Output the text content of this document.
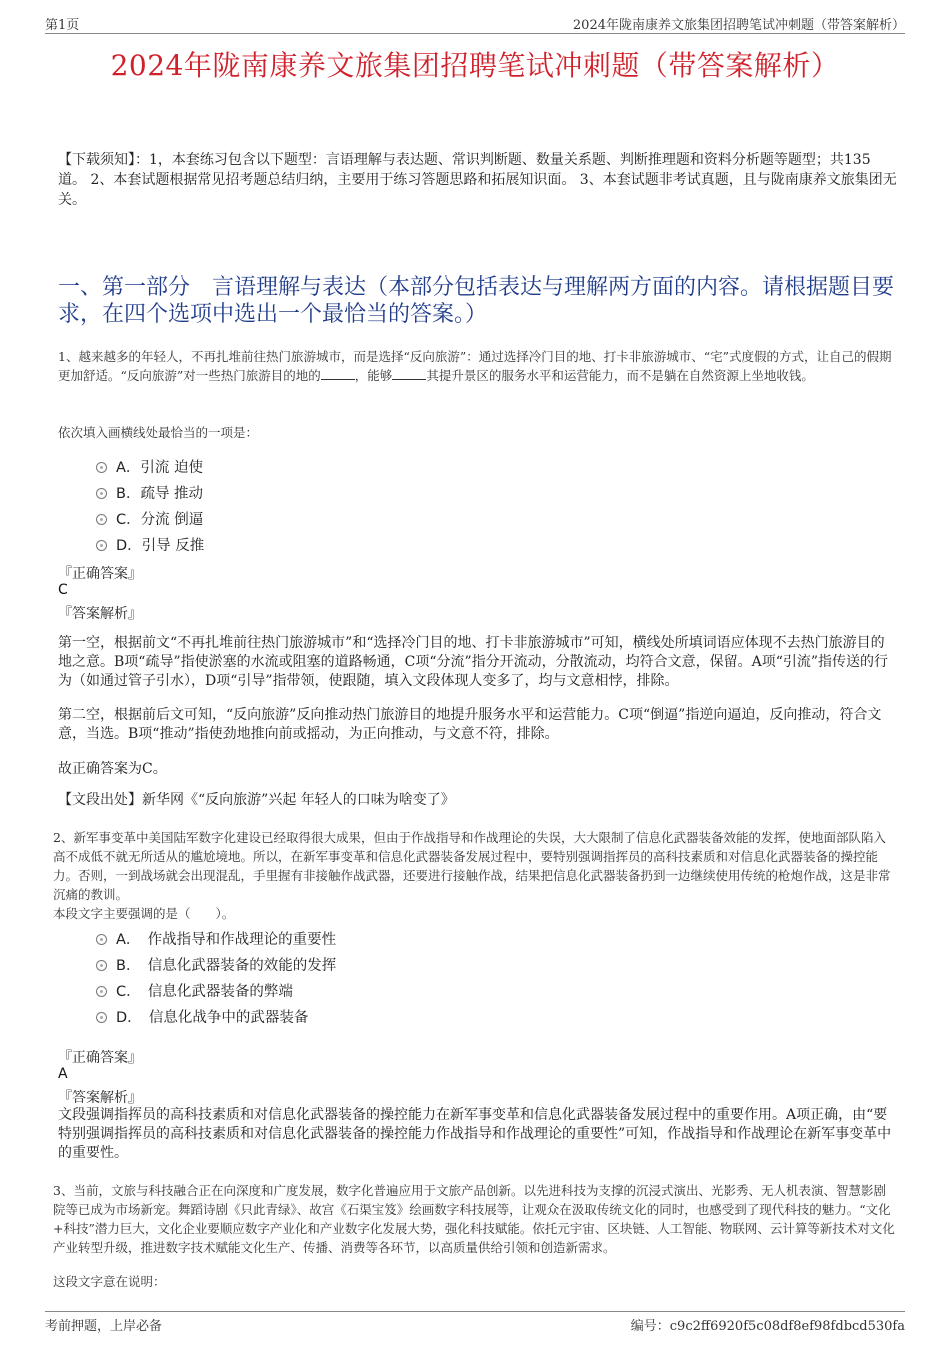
第1页	2024年陇南康养文旅集团招聘笔试冲刺题（带答案解析）
2024年陇南康养文旅集团招聘笔试冲刺题（带答案解析）
【下载须知】：1，本套练习包含以下题型：言语理解与表达题、常识判断题、数量关系题、判断推理题和资料分析题等题型；共135道。 2、本套试题根据常见招考题总结归纳，主要用于练习答题思路和拓展知识面。 3、本套试题非考试真题，且与陇南康养文旅集团无关。
一、第一部分　言语理解与表达（本部分包括表达与理解两方面的内容。请根据题目要求，在四个选项中选出一个最恰当的答案。）
1、越来越多的年轻人，不再扎堆前往热门旅游城市，而是选择“反向旅游”：通过选择冷门目的地、打卡非旅游城市、“宅”式度假的方式，让自己的假期更加舒适。“反向旅游”对一些热门旅游目的地的	，能够	其提升景区的服务水平和运营能力，而不是躺在自然资源上坐地收钱。
依次填入画横线处最恰当的一项是：
A．引流 迫使
B．疏导 推动
C．分流 倒逼
D．引导 反推
『正确答案』
C
『答案解析』
第一空，根据前文“不再扎堆前往热门旅游城市”和“选择冷门目的地、打卡非旅游城市”可知，横线处所填词语应体现不去热门旅游目的地之意。B项“疏导”指使淤塞的水流或阻塞的道路畅通，C项“分流”指分开流动，分散流动，均符合文意，保留。A项“引流”指传送的行为（如通过管子引水），D项“引导”指带领，使跟随，填入文段体现人变多了，均与文意相悖，排除。
第二空，根据前后文可知，“反向旅游”反向推动热门旅游目的地提升服务水平和运营能力。C项“倒逼”指逆向逼迫，反向推动，符合文意，当选。B项“推动”指使劲地推向前或摇动，为正向推动，与文意不符，排除。
故正确答案为C。
【文段出处】新华网《“反向旅游”兴起 年轻人的口味为啥变了》
2、新军事变革中美国陆军数字化建设已经取得很大成果，但由于作战指导和作战理论的失误，大大限制了信息化武器装备效能的发挥，使地面部队陷入高不成低不就无所适从的尴尬境地。所以，在新军事变革和信息化武器装备发展过程中，要特别强调指挥员的高科技素质和对信息化武器装备的操控能力。否则，一到战场就会出现混乱，手里握有非接触作战武器，还要进行接触作战，结果把信息化武器装备扔到一边继续使用传统的枪炮作战，这是非常沉痛的教训。
本段文字主要强调的是（　　）。
A．　作战指导和作战理论的重要性
B．　信息化武器装备的效能的发挥
C．　信息化武器装备的弊端
D．　信息化战争中的武器装备
『正确答案』
A
『答案解析』
文段强调指挥员的高科技素质和对信息化武器装备的操控能力在新军事变革和信息化武器装备发展过程中的重要作用。A项正确，由“要特别强调指挥员的高科技素质和对信息化武器装备的操控能力作战指导和作战理论的重要性”可知，作战指导和作战理论在新军事变革中的重要性。
3、当前，文旅与科技融合正在向深度和广度发展，数字化普遍应用于文旅产品创新。以先进科技为支撑的沉浸式演出、光影秀、无人机表演、智慧影剧院等已成为市场新宠。舞蹈诗剧《只此青绿》、故宫《石渠宝笈》绘画数字科技展等，让观众在汲取传统文化的同时，也感受到了现代科技的魅力。“文化+科技”潜力巨大，文化企业要顺应数字产业化和产业数字化发展大势，强化科技赋能。依托元宇宙、区块链、人工智能、物联网、云计算等新技术对文化产业转型升级，推进数字技术赋能文化生产、传播、消费等各环节，以高质量供给引领和创造新需求。
这段文字意在说明：
考前押题，上岸必备	编号：c9c2ff6920f5c08df8ef98fdbcd530fa
